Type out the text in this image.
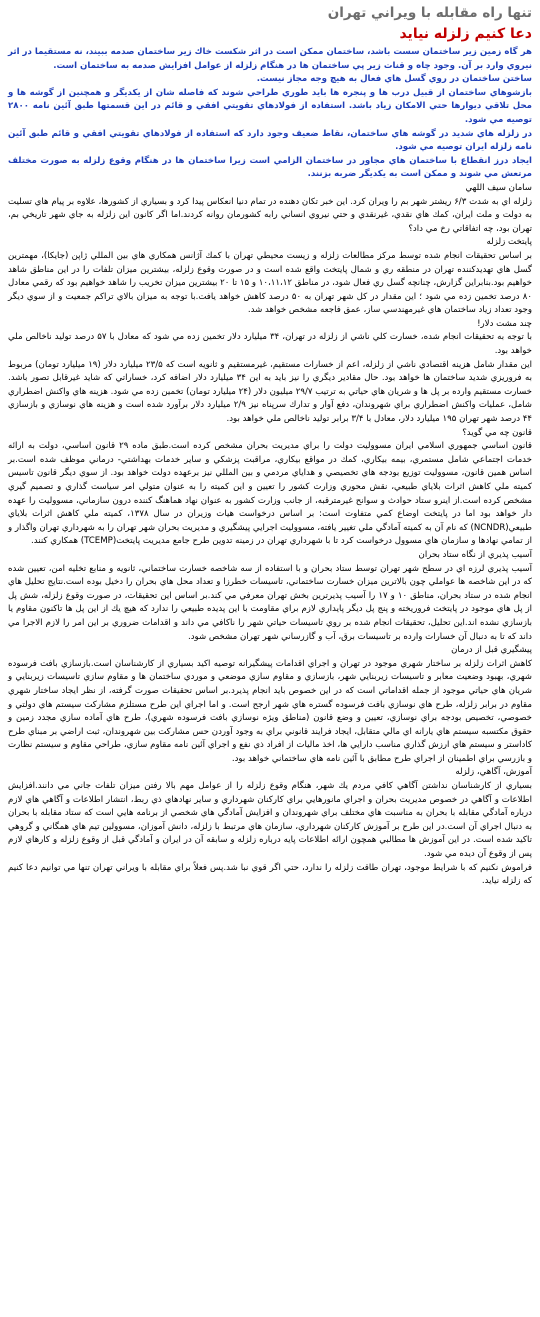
تنها راه مقابله با ويراني تهران
دعا كنيم زلزله نيايد

هر گاه زمين زير ساختمان سست باشد، ساختمان ممكن است در اثر شكست خاك زير ساختمان صدمه ببيند، نه مستقيما در اثر نيروي وارد بر آن. وجود چاه و قنات زير پي ساختمان ها در هنگام زلزله از عوامل افزايش صدمه به ساختمان است.

ساختن ساختمان در روي گسل هاي فعال به هيچ وجه مجاز نيست.

بازشوهاي ساختمان از قبيل درب ها و پنجره ها بايد طوري طراحي شوند كه فاصله شان از يكديگر و همچنين از گوشه ها و محل تلاقي ديوارها حتي الامكان زياد باشد. استفاده از فولادهاي تقويتي افقي و قائم در اين قسمتها طبق آئين نامه ۲۸۰۰ توصيه مي شود.

در زلزله هاي شديد در گوشه هاي ساختمان، نقاط ضعيف وجود دارد كه استفاده از فولادهاي تقويتي افقي و قائم طبق آئين نامه زلزله ايران توصيه مي شود.

ايجاد درز انقطاع با ساختمان هاي مجاور در ساختمان الزامي است زيرا ساختمان ها در هنگام وقوع زلزله به صورت مختلف مرتعش مي شوند و ممكن است به يكديگر ضربه بزنند.

سامان سيف اللهي

زلزله اي به شدت ۶/۳ ريشتر شهر بم را ويران كرد. اين خبر تكان دهنده در تمام دنيا انعكاس پيدا كرد و بسياري از كشورها، علاوه بر پيام هاي تسليت به دولت و ملت ايران، كمك هاي نقدي، غيرنقدي و حتي نيروي انساني رابه كشورمان روانه كردند.اما اگر كانون اين زلزله به جاي شهر تاريخي بم، تهران بود، چه اتفاقاتي رخ مي داد؟

پايتخت زلزله

بر اساس تحقيقات انجام شده توسط مركز مطالعات زلزله و زيست محيطي تهران با كمك آژانس همكاري هاي بين المللي ژاپن (جايكا)، مهمترين گسل هاي تهديدكننده تهران در منطقه ري و شمال پايتخت واقع شده است و در صورت وقوع زلزله، بيشترين ميزان تلفات را در اين مناطق شاهد خواهيم بود.بنابراين گزارش، چنانچه گسل ري فعال شود، در مناطق ۱۰،۱۱،۱۲ و ۱۵ تا ۲۰ بيشترين ميزان تخريب را شاهد خواهيم بود كه رقمي معادل ۸۰ درصد تخمين زده مي شود ؛ اين مقدار در كل شهر تهران به ۵۰ درصد كاهش خواهد يافت.با توجه به ميزان بالاي تراكم جمعيت و از سوي ديگر وجود تعداد زياد ساختمان هاي غيرمهندسي ساز، عمق فاجعه مشخص خواهد شد.

چند مشت دلار!

با توجه به تحقيقات انجام شده، خسارت كلي ناشي از زلزله در تهران، ۳۴ ميليارد دلار تخمين زده مي شود كه معادل با ۵۷ درصد توليد ناخالص ملي خواهد بود.

اين مقدار شامل هزينه اقتصادي ناشي از زلزله، اعم از خسارات مستقيم، غيرمستقيم و ثانويه است كه ۲۳/۵ ميليارد دلار (۱۹ ميليارد تومان) مربوط به فروريزي شديد ساختمان ها خواهد بود. حال مقادير ديگري را نيز بايد به اين ۳۴ ميليارد دلار اضافه كرد، خساراتي كه شايد غيرقابل تصور باشد. خسارت مستقيم وارده بر پل ها و شريان هاي حياتي به ترتيب ۲۹/۷ ميليون دلار (۲۴ ميليارد تومان) تخمين زده مي شود. هزينه هاي واكنش اضطراري شامل، عمليات واكنش اضطراري براي شهروندان، دفع آوار و تدارك سرپناه نيز ۲/۹ ميليارد دلار برآورد شده است و هزينه هاي نوسازي و بازسازي ۴۴ درصد شهر تهران ۱۹۵ ميليارد دلار، معادل با ۳/۴ برابر توليد ناخالص ملي خواهد بود.

قانون چه مي گويد؟

قانون اساسي جمهوري اسلامي ايران مسووليت دولت را براي مديريت بحران مشخص كرده است.طبق ماده ۲۹ قانون اساسي، دولت به ارائه خدمات اجتماعي شامل مستمري، بيمه بيكاري، كمك در مواقع بيكاري، مراقبت پزشكي و ساير خدمات بهداشتي- درماني موظف شده است.بر اساس همين قانون، مسووليت توزيع بودجه هاي تخصيصي و هداياي مردمي و بين المللي نيز برعهده دولت خواهد بود. از سوي ديگر قانون تاسيس كميته ملي كاهش اثرات بلاياي طبيعي، نقش محوري وزارت كشور را تعيين و اين كميته را به عنوان متولي امر سياست گذاري و تصميم گيري مشخص كرده است.از اينرو ستاد حوادث و سوانح غيرمترقبه، از جانب وزارت كشور به عنوان نهاد هماهنگ كننده درون سازماني، مسووليت را عهده دار خواهد بود اما در پايتخت اوضاع كمي متفاوت است: بر اساس درخواست هيات وزيران در سال ۱۳۷۸، كميته ملي كاهش اثرات بلاياي طبيعي(NCNDR) كه نام آن به كميته آمادگي ملي تغيير يافته، مسووليت اجرايي پيشگيري و مديريت بحران شهر تهران را به شهرداري تهران واگذار و از تمامي نهادها و سازمان هاي مسوول درخواست كرد تا با شهرداري تهران در زمينه تدوين طرح جامع مديريت پايتخت(TCEMP) همكاري كنند.

آسيب پذيري از نگاه ستاد بحران

آسيب پذيري لرزه اي در سطح شهر تهران توسط ستاد بحران و با استفاده از سه شاخصه خسارت ساختماني، ثانويه و منابع تخليه امن، تعيين شده كه در اين شاخصه ها عواملي چون بالاترين ميزان خسارت ساختماني، تاسيسات خطرزا و تعداد محل هاي بحران را دخيل بوده است.نتايج تحليل هاي انجام شده در ستاد بحران، مناطق ۱۰ و ۱۷ را آسيب پذيرترين بخش تهران معرفي مي كند.بر اساس اين تحقيقات، در صورت وقوع زلزله، شش پل از پل هاي موجود در پايتخت فروريخته و پنج پل ديگر پايداري لازم براي مقاومت با اين پديده طبيعي را ندارد كه هيچ يك از اين پل ها تاكنون مقاوم يا بازسازي نشده اند.اين تحليل، تحقيقات انجام شده بر روي تاسيسات حياتي شهر را ناكافي مي داند و اقدامات ضروري بر اين امر را لازم الاجرا مي داند كه تا به دنبال آن خسارات وارده بر تاسيسات برق، آب و گازرساني شهر تهران مشخص شود.

پيشگيري قبل از درمان

كاهش اثرات زلزله بر ساختار شهري موجود در تهران و اجراي اقدامات پيشگيرانه توصيه اكيد بسياري از كارشناسان است.بازسازي بافت فرسوده شهري، بهبود وضعيت معابر و تاسيسات زيربنايي شهر، بازسازي و مقاوم سازي موضعي و موردي ساختمان ها و مقاوم سازي تاسيسات زيربنايي و شريان هاي حياتي موجود از جمله اقداماتي است كه در اين خصوص بايد انجام پذيرد.بر اساس تحقيقات صورت گرفته، از نظر ايجاد ساختار شهري مقاوم در برابر زلزله، طرح هاي نوسازي بافت فرسوده گستره هاي شهر ارجح است. و اما اجراي اين طرح مستلزم مشاركت سيستم هاي دولتي و خصوصي، تخصيص بودجه براي نوسازي، تعيين و وضع قانون (مناطق ويژه نوسازي بافت فرسوده شهري)، طرح هاي آماده سازي مجدد زمين و حقوق مكتسبه سيستم هاي يارانه اي مالي متقابل، ايجاد فرايند قانوني براي به وجود آوردن حس مشاركت بين شهروندان، ثبت اراضي بر مبناي طرح كاداستر و سيستم هاي ارزش گذاري مناسب دارايي ها، اخذ ماليات از افراد ذي نفع و اجراي آئين نامه مقاوم سازي، طراحي مقاوم و سيستم نظارت و بازرسي براي اطمينان از اجراي طرح مطابق با آئين نامه هاي ساختماني خواهد بود.

آموزش، آگاهي، زلزله

بسياري از كارشناسان نداشتن آگاهي كافي مردم يك شهر، هنگام وقوع زلزله را از عوامل مهم بالا رفتن ميزان تلفات جاني مي دانند.افزايش اطلاعات و آگاهي در خصوص مديريت بحران و اجراي مانورهايي براي كاركنان شهرداري و ساير نهادهاي ذي ربط، انتشار اطلاعات و آگاهي هاي لازم درباره آمادگي مقابله با بحران به مناسبت هاي مختلف براي شهروندان و افزايش آمادگي هاي شخصي از برنامه هايي است كه ستاد مقابله با بحران به دنبال اجراي آن است.در اين طرح بر آموزش كاركنان شهرداري، سازمان هاي مرتبط با زلزله، دانش آموزان، مسوولين تيم هاي همگاني و گروهي تاكيد شده است. در اين آموزش ها مطالبي همچون ارائه اطلاعات پايه درباره زلزله و سابقه آن در ايران و آمادگي قبل از وقوع زلزله و كارهاي لازم پس از وقوع آن ديده مي شود.

فراموش نكنيم كه با شرايط موجود، تهران طاقت زلزله را ندارد، حتي اگر قوي نبا شد.پس فعلاً براي مقابله با ويراني تهران تنها مي توانيم دعا كنيم كه زلزله نيايد.
